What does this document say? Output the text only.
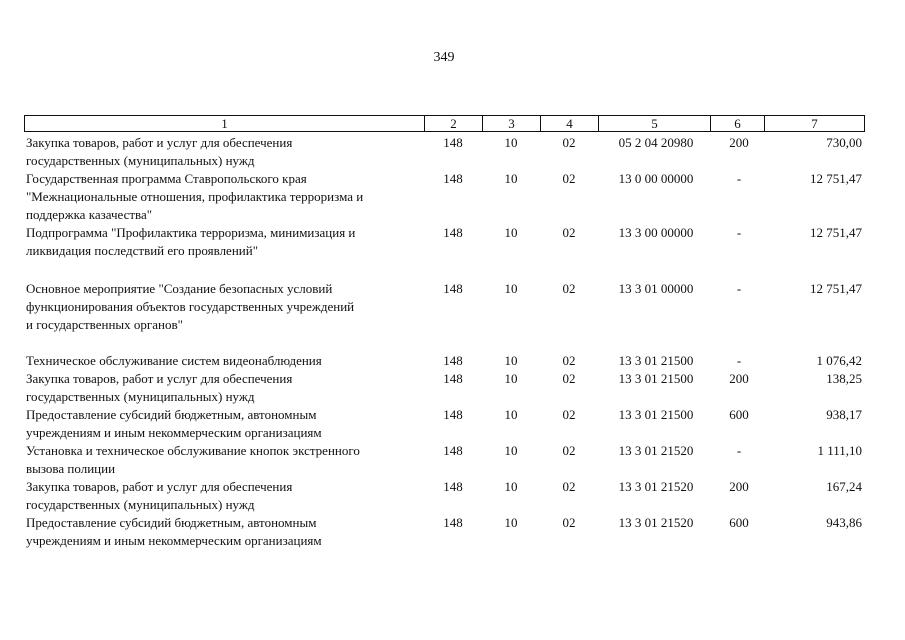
349
1	2	3	4	5	6	7
Закупка товаров, работ и услуг для обеспечения
государственных (муниципальных) нужд
148	10	02	05 2 04 20980	200	730,00
Государственная программа Ставропольского края
"Межнациональные отношения, профилактика терроризма и
поддержка казачества"
148	10	02	13 0 00 00000	-	12 751,47
Подпрограмма "Профилактика терроризма, минимизация и
ликвидация последствий его проявлений"
148	10	02	13 3 00 00000	-	12 751,47
Основное мероприятие "Создание безопасных условий
функционирования объектов государственных учреждений
и государственных органов"
148	10	02	13 3 01 00000	-	12 751,47
Техническое обслуживание систем видеонаблюдения	148	10	02	13 3 01 21500	-	1 076,42
Закупка товаров, работ и услуг для обеспечения
государственных (муниципальных) нужд
148	10	02	13 3 01 21500	200	138,25
Предоставление субсидий бюджетным, автономным
учреждениям и иным некоммерческим организациям
148	10	02	13 3 01 21500	600	938,17
Установка и техническое обслуживание кнопок экстренного
вызова полиции
148	10	02	13 3 01 21520	-	1 111,10
Закупка товаров, работ и услуг для обеспечения
государственных (муниципальных) нужд
148	10	02	13 3 01 21520	200	167,24
Предоставление субсидий бюджетным, автономным
учреждениям и иным некоммерческим организациям
148	10	02	13 3 01 21520	600	943,86
